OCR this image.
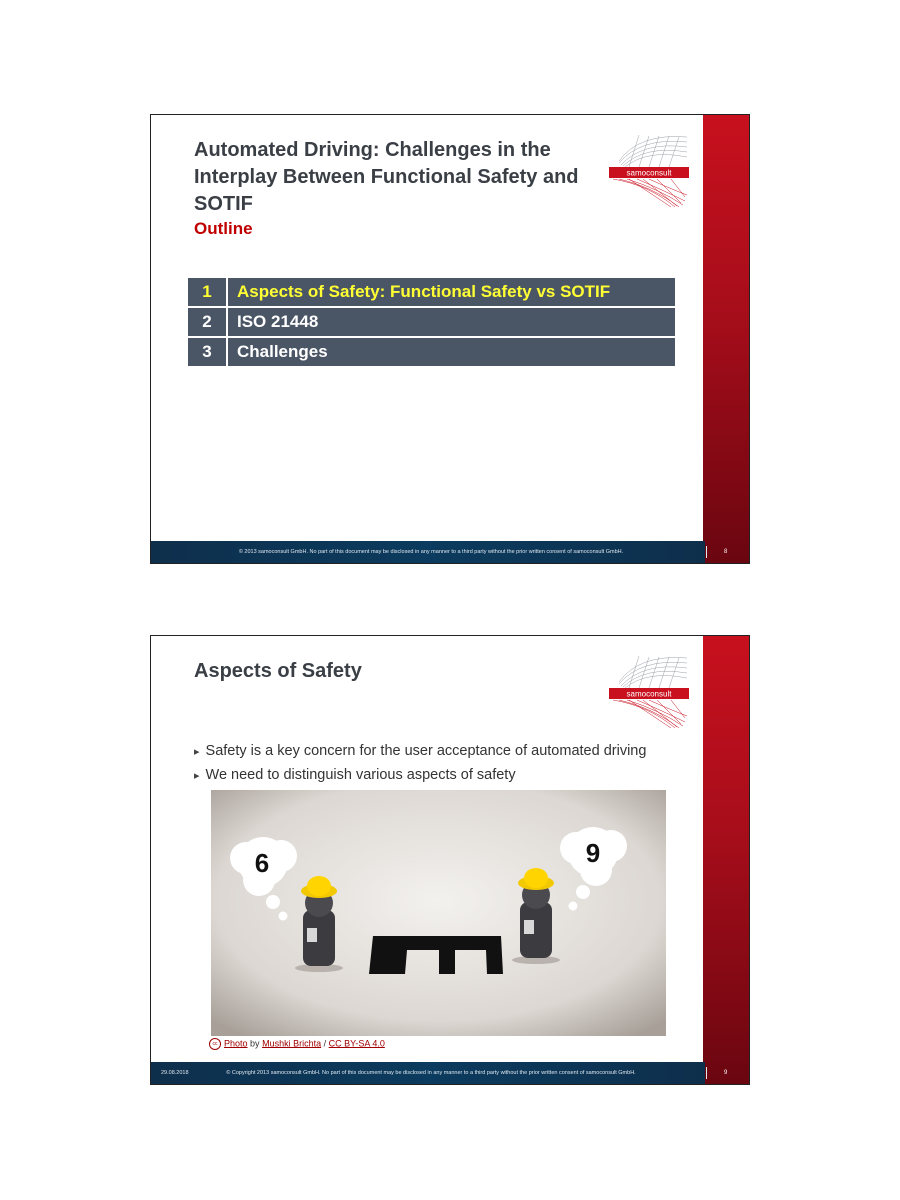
Automated Driving: Challenges in the Interplay Between Functional Safety and SOTIF
Outline
samoconsult
1	Aspects of Safety: Functional Safety vs SOTIF
2	ISO 21448
3	Challenges
© 2013 samoconsult GmbH. No part of this document may be disclosed in any manner to a third party without the prior written consent of samoconsult GmbH.	8
Aspects of Safety
samoconsult
▸ Safety is a key concern for the user acceptance of automated driving
▸ We need to distinguish various aspects of safety
6	9
cc Photo by Mushki Brichta / CC BY-SA 4.0
29.08.2018	© Copyright 2013 samoconsult GmbH. No part of this document may be disclosed in any manner to a third party without the prior written consent of samoconsult GmbH.	9
